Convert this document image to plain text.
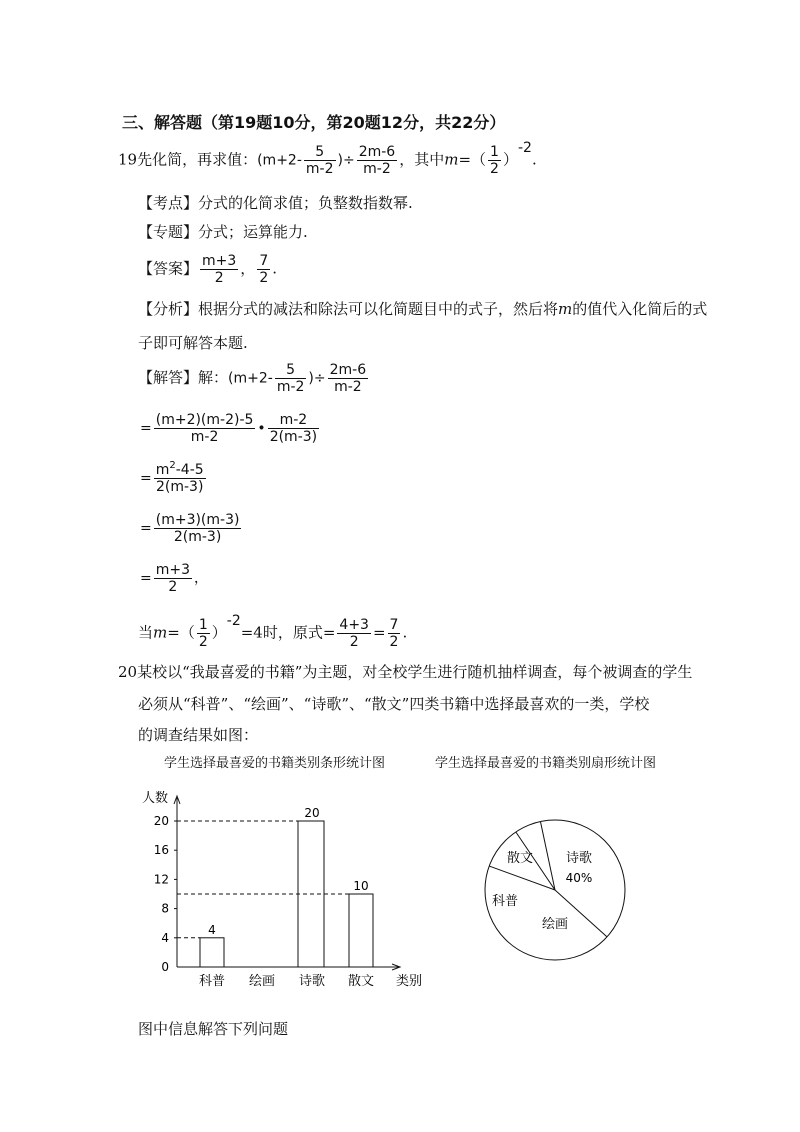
三、解答题（第19题10分，第20题12分，共22分）
19先化简，再求值：($m+2- \frac{5}{m-2}$ )÷ $\frac{2m-6}{m-2}$ ，其中$m=( \frac{1}{2} )-2$.
【考点】分式的化简求值；负整数指数幂.
【专题】分式；运算能力.
【答案】 $\frac{m+3}{2}$ ， $\frac{7}{2}$ .
【分析】根据分式的减法和除法可以化简题目中的式子，然后将m的值代入化简后的式
子即可解答本题.
【解答】解：($m+2- \frac{5}{m-2}$ )÷ $\frac{2m-6}{m-2}$
= $\frac{(m+2)(m-2)-5}{m-2}$ • $\frac{m-2}{2(m-3)}$
= $\frac{m^2-4-5}{2(m-3)}$
= $\frac{(m+3)(m-3)}{2(m-3)}$
= $\frac{m+3}{2}$ ，
当$m=( \frac{1}{2} )-2=4$时，原式= $\frac{4+3}{2} = \frac{7}{2}$ .
20某校以“我最喜爱的书籍”为主题，对全校学生进行随机抽样调查，每个被调查的学生
必须从“科普”、“绘画”、“诗歌”、“散文”四类书籍中选择最喜欢的一类，学校
的调查结果如图：
学生选择最喜爱的书籍类别条形统计图	学生选择最喜爱的书籍类别扇形统计图
人数
类别
0
4
8
12
16
20
科普
4
绘画 诗歌
20
散文
10
诗歌
绘画
科普
散文
40%
图中信息解答下列问题
